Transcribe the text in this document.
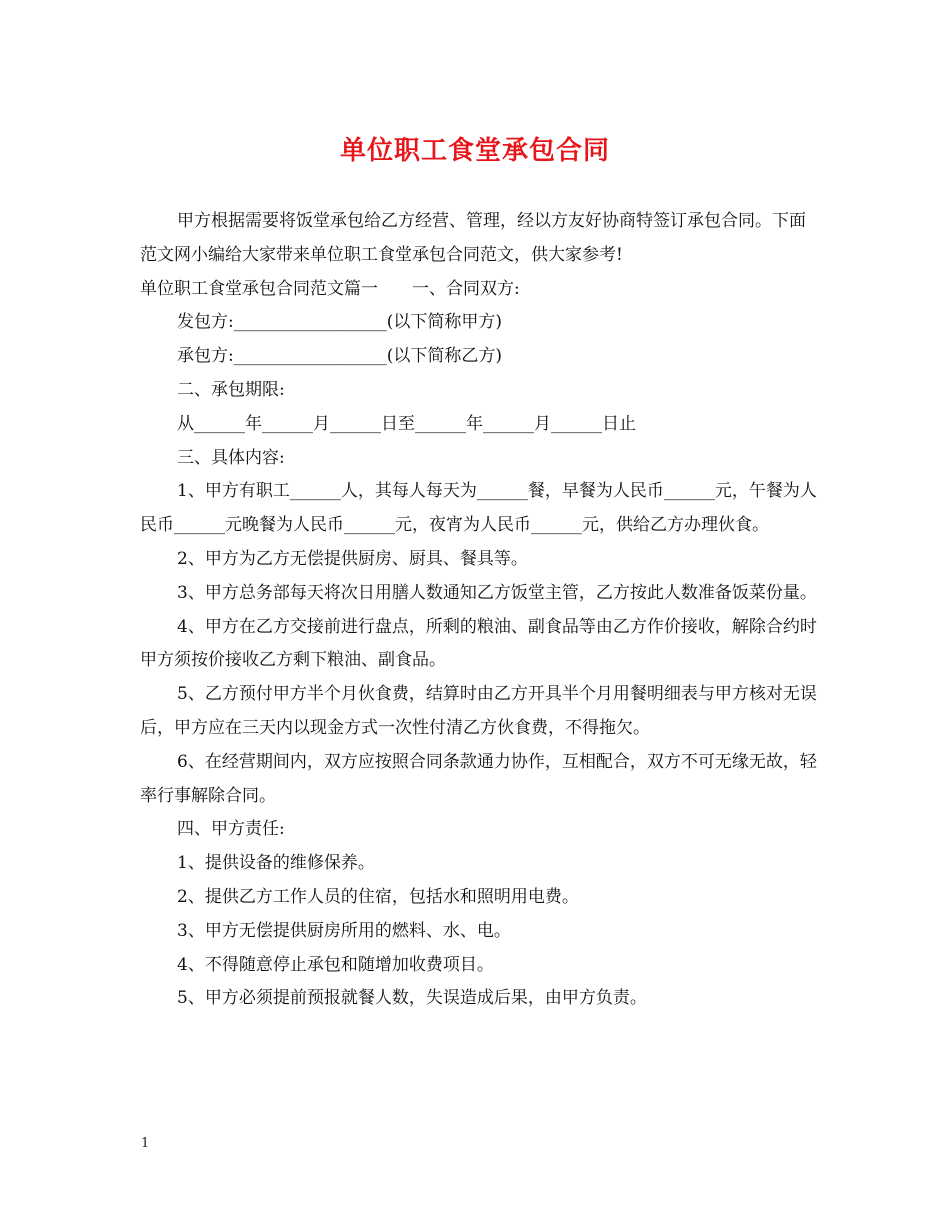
单位职工食堂承包合同

甲方根据需要将饭堂承包给乙方经营、管理，经以方友好协商特签订承包合同。下面范文网小编给大家带来单位职工食堂承包合同范文，供大家参考!

单位职工食堂承包合同范文篇一　　一、合同双方:

发包方:__________________(以下简称甲方)

承包方:__________________(以下简称乙方)

二、承包期限:

从______年______月______日至______年______月______日止

三、具体内容:

1、甲方有职工______人，其每人每天为______餐，早餐为人民币______元，午餐为人民币______元晚餐为人民币______元，夜宵为人民币______元，供给乙方办理伙食。

2、甲方为乙方无偿提供厨房、厨具、餐具等。

3、甲方总务部每天将次日用膳人数通知乙方饭堂主管，乙方按此人数准备饭菜份量。

4、甲方在乙方交接前进行盘点，所剩的粮油、副食品等由乙方作价接收，解除合约时甲方须按价接收乙方剩下粮油、副食品。

5、乙方预付甲方半个月伙食费，结算时由乙方开具半个月用餐明细表与甲方核对无误后，甲方应在三天内以现金方式一次性付清乙方伙食费，不得拖欠。

6、在经营期间内，双方应按照合同条款通力协作，互相配合，双方不可无缘无故，轻率行事解除合同。

四、甲方责任:

1、提供设备的维修保养。

2、提供乙方工作人员的住宿，包括水和照明用电费。

3、甲方无偿提供厨房所用的燃料、水、电。

4、不得随意停止承包和随增加收费项目。

5、甲方必须提前预报就餐人数，失误造成后果，由甲方负责。

1
